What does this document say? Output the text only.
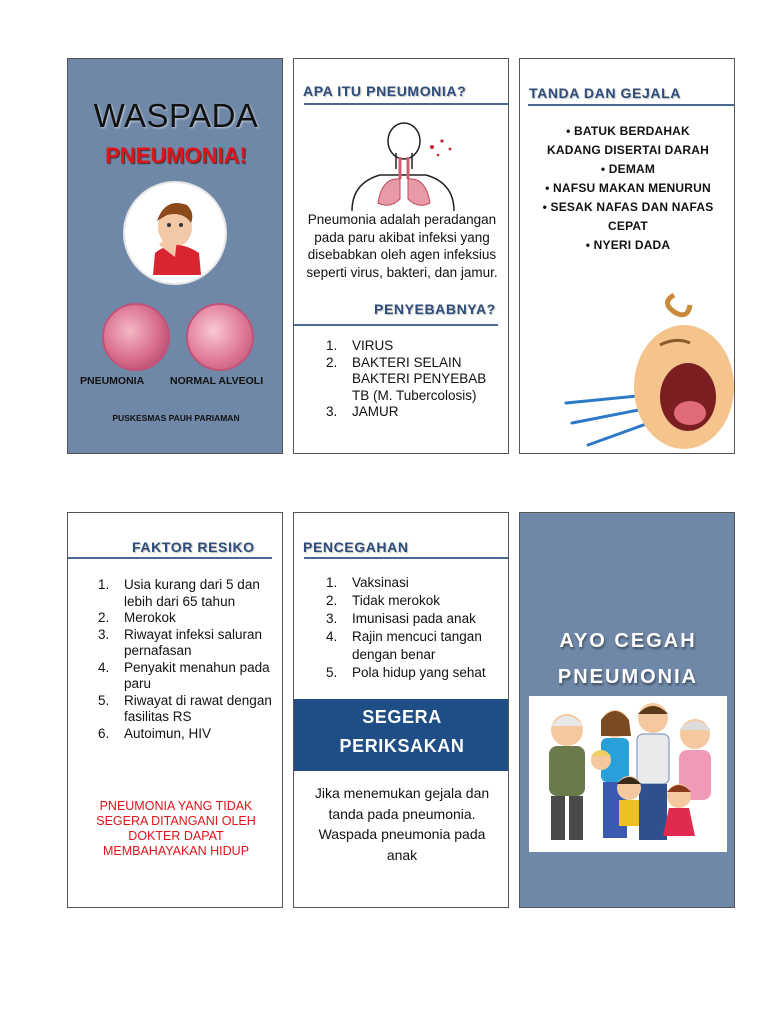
WASPADA
PNEUMONIA!
PNEUMONIA NORMAL ALVEOLI
PUSKESMAS PAUH PARIAMAN
APA ITU PNEUMONIA?
Pneumonia adalah peradangan
pada paru akibat infeksi yang
disebabkan oleh agen infeksius
seperti virus, bakteri, dan jamur.
PENYEBABNYA?
1. VIRUS
2. BAKTERI SELAIN
BAKTERI PENYEBAB
TB (M. Tubercolosis)
3. JAMUR
TANDA DAN GEJALA
• BATUK BERDAHAK
KADANG DISERTAI DARAH
• DEMAM
• NAFSU MAKAN MENURUN
• SESAK NAFAS DAN NAFAS
CEPAT
• NYERI DADA
FAKTOR RESIKO
1. Usia kurang dari 5 dan
lebih dari 65 tahun
2. Merokok
3. Riwayat infeksi saluran
pernafasan
4. Penyakit menahun pada
paru
5. Riwayat di rawat dengan
fasilitas RS
6. Autoimun, HIV
PNEUMONIA YANG TIDAK
SEGERA DITANGANI OLEH
DOKTER DAPAT
MEMBAHAYAKAN HIDUP
PENCEGAHAN
1. Vaksinasi
2. Tidak merokok
3. Imunisasi pada anak
4. Rajin mencuci tangan
dengan benar
5. Pola hidup yang sehat
SEGERA
PERIKSAKAN
Jika menemukan gejala dan
tanda pada pneumonia.
Waspada pneumonia pada
anak
AYO CEGAH
PNEUMONIA
